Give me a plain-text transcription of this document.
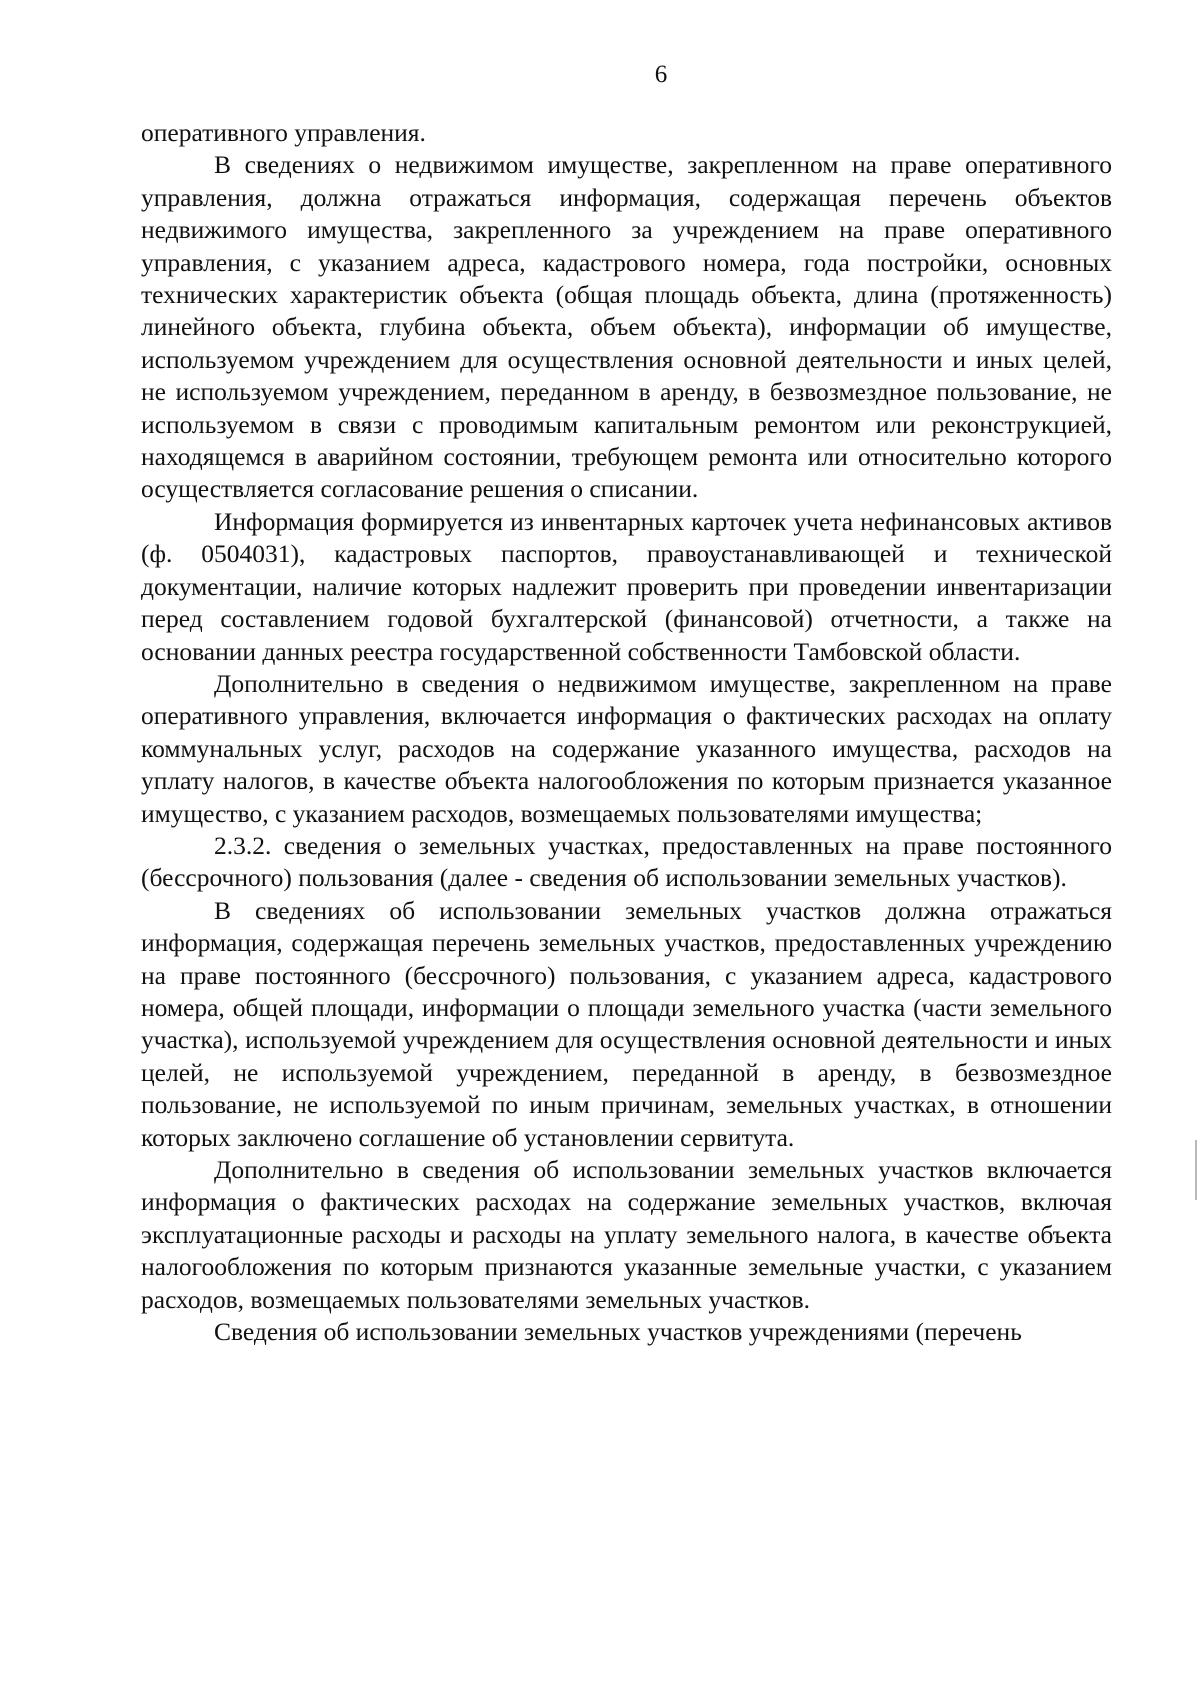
6

оперативного управления.

В сведениях о недвижимом имуществе, закрепленном на праве оперативного управления, должна отражаться информация, содержащая перечень объектов недвижимого имущества, закрепленного за учреждением на праве оперативного управления, с указанием адреса, кадастрового номера, года постройки, основных технических характеристик объекта (общая площадь объекта, длина (протяженность) линейного объекта, глубина объекта, объем объекта), информации об имуществе, используемом учреждением для осуществления основной деятельности и иных целей, не используемом учреждением, переданном в аренду, в безвозмездное пользование, не используемом в связи с проводимым капитальным ремонтом или реконструкцией, находящемся в аварийном состоянии, требующем ремонта или относительно которого осуществляется согласование решения о списании.

Информация формируется из инвентарных карточек учета нефинансовых активов (ф. 0504031), кадастровых паспортов, правоустанавливающей и технической документации, наличие которых надлежит проверить при проведении инвентаризации перед составлением годовой бухгалтерской (финансовой) отчетности, а также на основании данных реестра государственной собственности Тамбовской области.

Дополнительно в сведения о недвижимом имуществе, закрепленном на праве оперативного управления, включается информация о фактических расходах на оплату коммунальных услуг, расходов на содержание указанного имущества, расходов на уплату налогов, в качестве объекта налогообложения по которым признается указанное имущество, с указанием расходов, возмещаемых пользователями имущества;

2.3.2. сведения о земельных участках, предоставленных на праве постоянного (бессрочного) пользования (далее - сведения об использовании земельных участков).

В сведениях об использовании земельных участков должна отражаться информация, содержащая перечень земельных участков, предоставленных учреждению на праве постоянного (бессрочного) пользования, с указанием адреса, кадастрового номера, общей площади, информации о площади земельного участка (части земельного участка), используемой учреждением для осуществления основной деятельности и иных целей, не используемой учреждением, переданной в аренду, в безвозмездное пользование, не используемой по иным причинам, земельных участках, в отношении которых заключено соглашение об установлении сервитута.

Дополнительно в сведения об использовании земельных участков включается информация о фактических расходах на содержание земельных участков, включая эксплуатационные расходы и расходы на уплату земельного налога, в качестве объекта налогообложения по которым признаются указанные земельные участки, с указанием расходов, возмещаемых пользователями земельных участков.

Сведения об использовании земельных участков учреждениями (перечень
